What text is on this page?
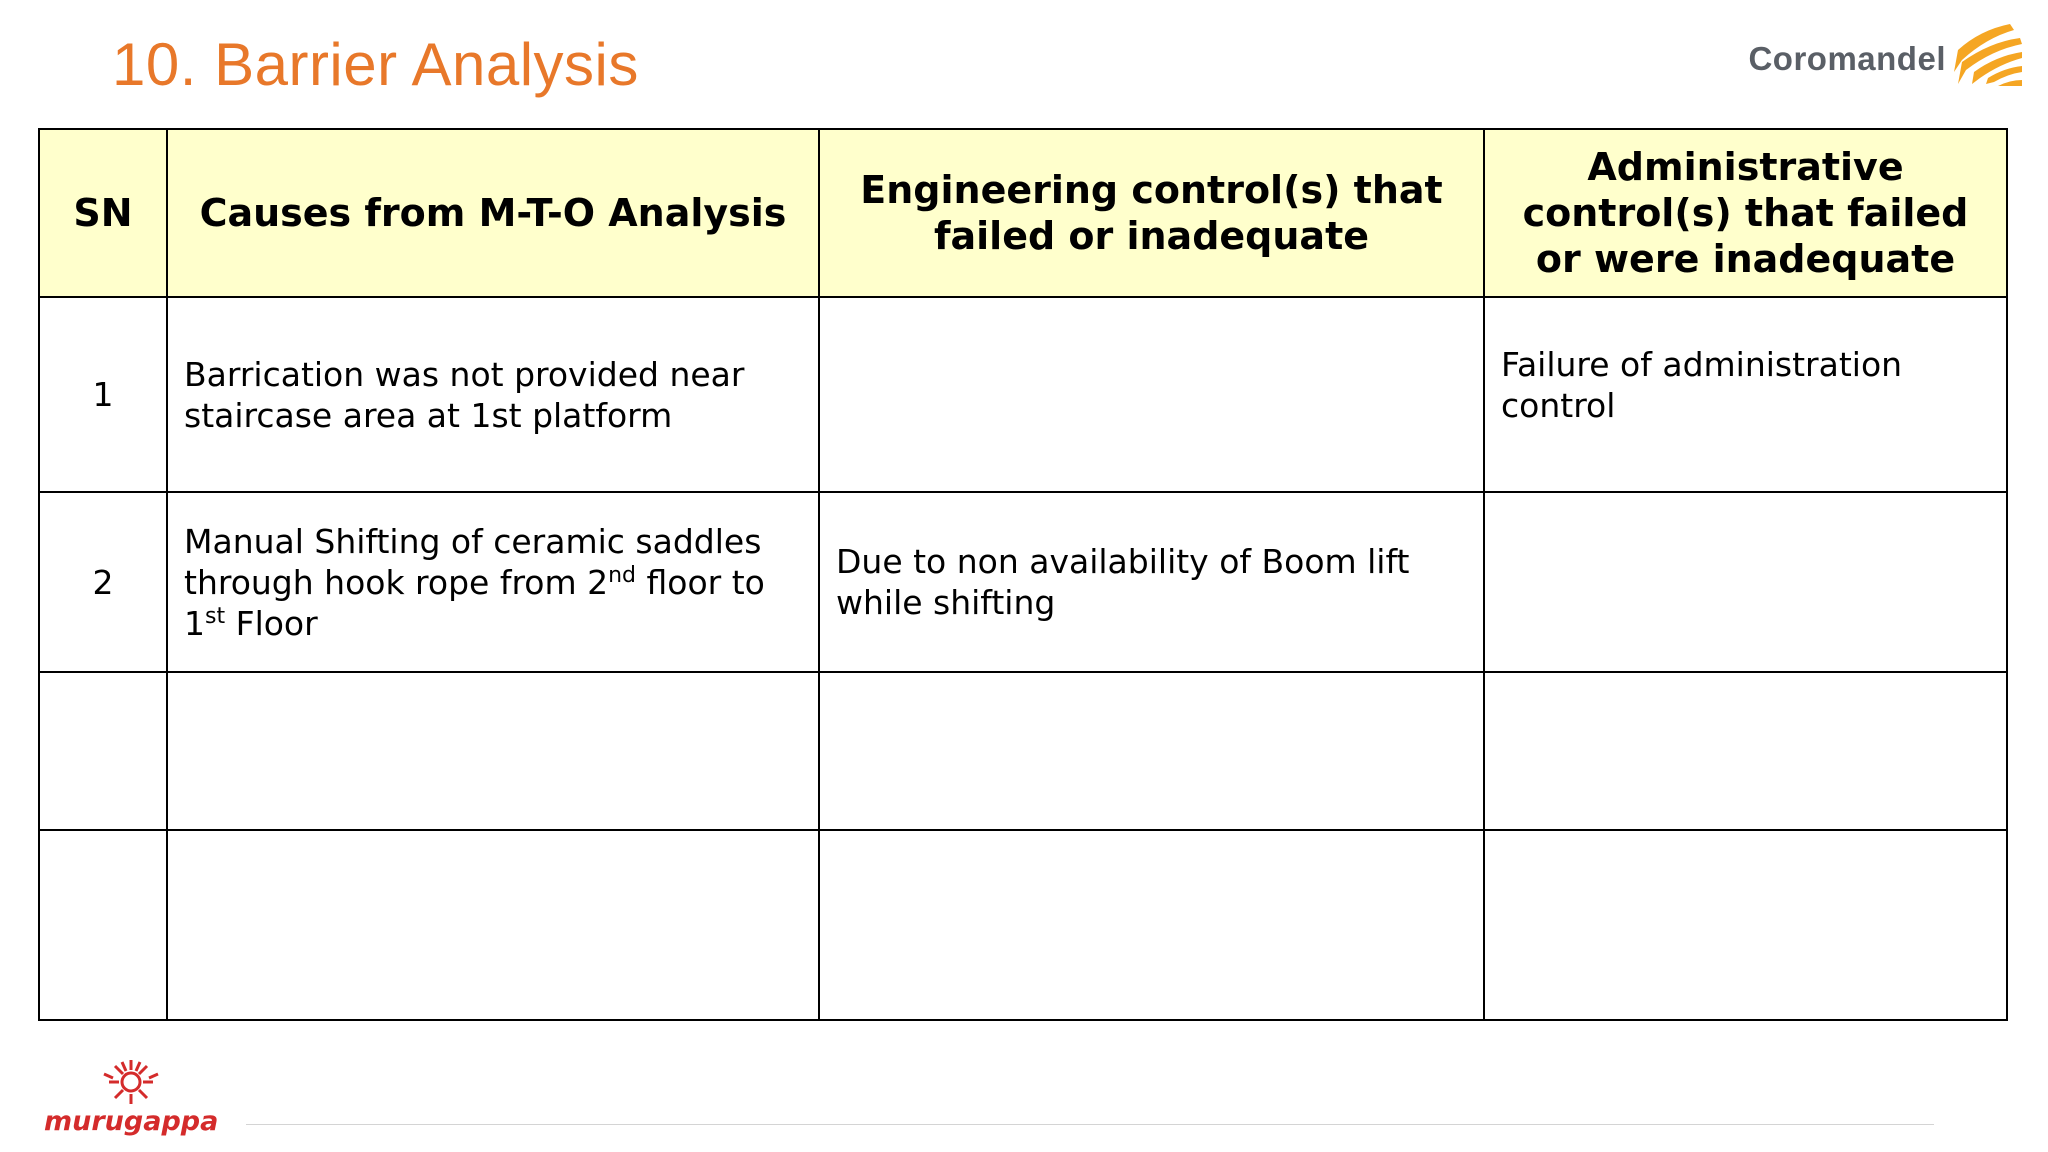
10. Barrier Analysis	Coromandel
SN	Causes from M-T-O Analysis	Engineering control(s) that failed or inadequate	Administrative control(s) that failed or were inadequate
1	Barrication was not provided near staircase area at 1st platform		Failure of administration control
2	Manual Shifting of ceramic saddles through hook rope from 2nd floor to 1st Floor	Due to non availability of Boom lift while shifting	

murugappa
